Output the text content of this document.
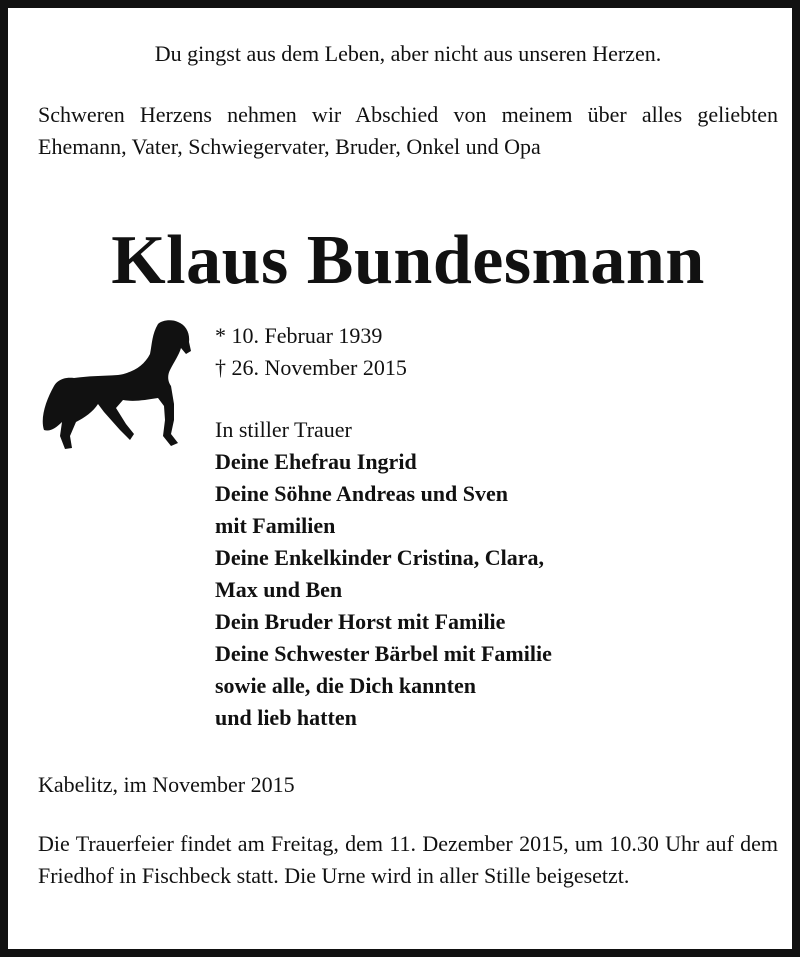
Du gingst aus dem Leben, aber nicht aus unseren Herzen.
Schweren Herzens nehmen wir Abschied von meinem über alles geliebten Ehemann, Vater, Schwiegervater, Bruder, Onkel und Opa
Klaus Bundesmann
* 10. Februar 1939
† 26. November 2015
In stiller Trauer
Deine Ehefrau Ingrid
Deine Söhne Andreas und Sven
mit Familien
Deine Enkelkinder Cristina, Clara,
Max und Ben
Dein Bruder Horst mit Familie
Deine Schwester Bärbel mit Familie
sowie alle, die Dich kannten
und lieb hatten
Kabelitz, im November 2015
Die Trauerfeier findet am Freitag, dem 11. Dezember 2015, um 10.30 Uhr auf dem Friedhof in Fischbeck statt. Die Urne wird in aller Stille beigesetzt.
